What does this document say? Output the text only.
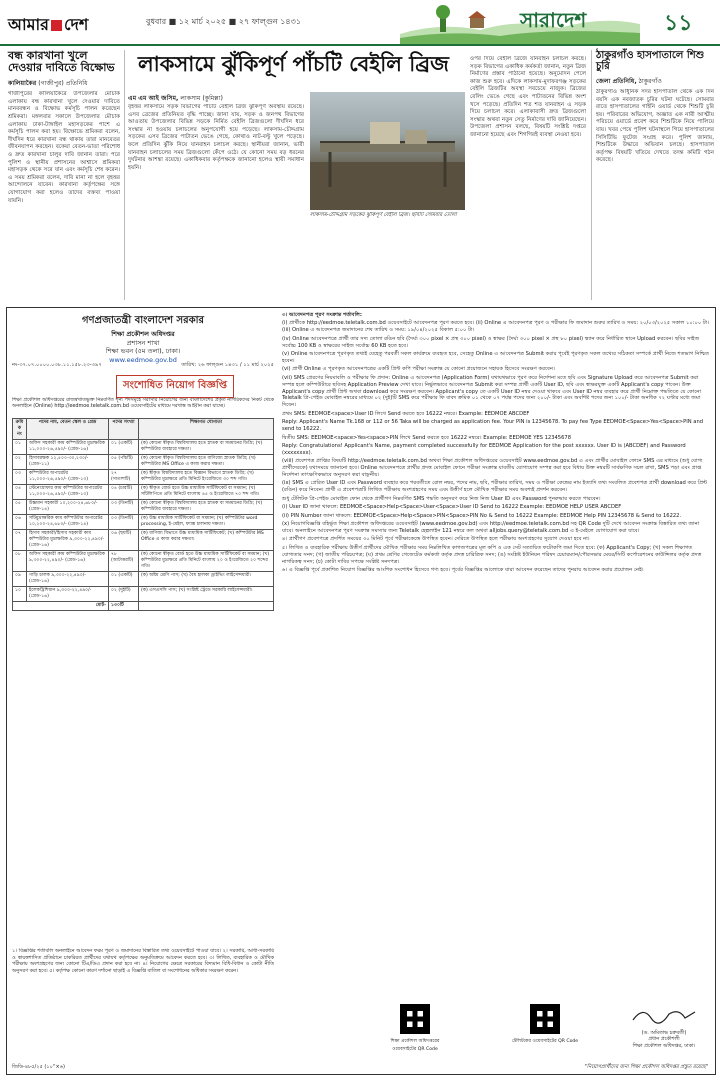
আমার দেশ	বুধবার ■ ১২ মার্চ ২০২৫ ■ ২৭ ফাল্গুন ১৪৩১	সারাদেশ	১১
বন্ধ কারখানা খুলে দেওয়ার দাবিতে বিক্ষোভ
কালিয়াকৈর (গাজীপুর) প্রতিনিধি
গাজীপুরের কালিয়াকৈরে উপজেলার মৌচাক এলাকায় বন্ধ কারখানা খুলে দেওয়ার দাবিতে মানববন্ধন ও বিক্ষোভ কর্মসূচি পালন করেছেন শ্রমিকরা। মঙ্গলবার সকালে উপজেলার মৌচাক এলাকায় ঢাকা-টাঙ্গাইল মহাসড়কের পাশে এ কর্মসূচি পালন করা হয়। বিক্ষোভে শ্রমিকরা বলেন, দীর্ঘদিন ধরে কারখানা বন্ধ থাকায় তারা মানবেতর জীবনযাপন করছেন। বকেয়া বেতন-ভাতা পরিশোধ ও দ্রুত কারখানা চালুর দাবি জানান তারা। পরে পুলিশ ও স্থানীয় প্রশাসনের আশ্বাসে শ্রমিকরা মহাসড়ক থেকে সরে যান এবং কর্মসূচি শেষ করেন। এ সময় শ্রমিকরা বলেন, দাবি মানা না হলে বৃহত্তর আন্দোলনে যাবেন। কারখানা কর্তৃপক্ষের সঙ্গে যোগাযোগ করা হলেও তাদের বক্তব্য পাওয়া যায়নি।
লাকসামে ঝুঁকিপূর্ণ পাঁচটি বেইলি ব্রিজ
এম এম আই জসিম, লাকসাম (কুমিল্লা)
বৃহত্তর লাকসামে সড়ক বিভাগের পাঁচটি বেইলি ব্রিজ ঝুঁকিপূর্ণ অবস্থায় রয়েছে। এসব ব্রেজের প্রতিনিয়ত বৃদ্ধি পাচ্ছে। জানা যায়, সড়ক ও জনপথ বিভাগের আওতায় উপজেলার বিভিন্ন সড়কে নির্মিত বেইলি ব্রিজগুলো দীর্ঘদিন ধরে সংস্কার না হওয়ায় চলাচলের অনুপযোগী হয়ে পড়েছে। লাকসাম-চৌদ্দগ্রাম সড়কের এসব ব্রিজের পাটাতন ভেঙে গেছে, কোথাও নাট-বল্টু খুলে পড়েছে। ফলে প্রতিদিন ঝুঁকি নিয়ে যানবাহন চলাচল করছে। স্থানীয়রা জানান, ভারী যানবাহন চলাচলের সময় ব্রিজগুলো কেঁপে ওঠে। যে কোনো সময় বড় ধরনের দুর্ঘটনার আশঙ্কা রয়েছে। একাধিকবার কর্তৃপক্ষকে জানানো হলেও স্থায়ী সমাধান হয়নি।
লাকসাম-চৌদ্দগ্রাম সড়কের ঝুঁকিপূর্ণ বেইলি ব্রিজ। ছবিটি সোমবার তোলা
ওপর দিয়ে বেইলি ব্রিজে যানবাহন চলাচল করছে। সড়ক বিভাগের একাধিক কর্মকর্তা জানান, নতুন ব্রিজ নির্মাণের প্রস্তাব পাঠানো হয়েছে। অনুমোদন পেলে কাজ শুরু হবে। এদিকে লাকসাম-মুদাফরগঞ্জ সড়কের বেইলি ব্রিজটির অবস্থা সবচেয়ে নাজুক। ব্রিজের রেলিং ভেঙে গেছে এবং পাটাতনের বিভিন্ন অংশ খসে পড়েছে। প্রতিদিন শত শত যানবাহন এ সড়ক দিয়ে চলাচল করে। এলাকাবাসী দ্রুত ব্রিজগুলো সংস্কার অথবা নতুন সেতু নির্মাণের দাবি জানিয়েছেন। উপজেলা প্রশাসন বলছে, বিষয়টি সংশ্লিষ্ট দপ্তরে জানানো হয়েছে এবং শিগগিরই ব্যবস্থা নেওয়া হবে।
ঠাকুরগাঁও হাসপাতালে শিশু চুরি
জেলা প্রতিনিধি, ঠাকুরগাঁও
ঠাকুরগাঁও আধুনিক সদর হাসপাতাল থেকে এক দিন বয়সি এক নবজাতক চুরির ঘটনা ঘটেছে। সোমবার রাতে হাসপাতালের গাইনি ওয়ার্ড থেকে শিশুটি চুরি হয়। পরিবারের অভিযোগ, অজ্ঞাত এক নারী আত্মীয় পরিচয়ে ওয়ার্ডে প্রবেশ করে শিশুটিকে নিয়ে পালিয়ে যায়। খবর পেয়ে পুলিশ ঘটনাস্থলে গিয়ে হাসপাতালের সিসিটিভি ফুটেজ সংগ্রহ করে। পুলিশ জানায়, শিশুটিকে উদ্ধারে অভিযান চলছে। হাসপাতাল কর্তৃপক্ষ বিষয়টি খতিয়ে দেখতে তদন্ত কমিটি গঠন করেছে।
গণপ্রজাতন্ত্রী বাংলাদেশ সরকার
শিক্ষা প্রকৌশল অধিদপ্তর
প্রশাসন শাখা
শিক্ষা ভবন (৫ম তলা), ঢাকা।
www.eedmoe.gov.bd
নং-৩৭.০৭.০০০০.০৩৮.১১.১৫৮.২৩-৩৯৭	তারিখ: ২৬ ফাল্গুন ১৪৩১ / ১১ মার্চ ২০২৫
সংশোধিত নিয়োগ বিজ্ঞপ্তি
শিক্ষা প্রকৌশল অধিদপ্তরের রাজস্বখাতভুক্ত নিম্নবর্ণিত শূন্য পদসমূহে সরাসরি নিয়োগের জন্য বাংলাদেশের প্রকৃত নাগরিকদের নিকট থেকে অনলাইনে (Online) http://eedmoe.teletalk.com.bd ওয়েবসাইটের মাধ্যমে দরখাস্ত আহ্বান করা যাচ্ছে।
ক্রমিক নং	পদের নাম, বেতন স্কেল ও গ্রেড	পদের সংখ্যা	শিক্ষাগত যোগ্যতা
০১	অফিস সহকারী কাম কম্পিউটার মুদ্রাক্ষরিক ১১,০০০-২৬,৫৯০/- (গ্রেড-১৬)	০১ (একটি)	(ক) কোনো স্বীকৃত বিশ্ববিদ্যালয় হতে স্নাতক বা সমমানের ডিগ্রি; (খ) কম্পিউটার ব্যবহারে দক্ষতা।
০২	হিসাবরক্ষক ১২,৫০০-৩০,২৩০/- (গ্রেড-১১)	০৫ (পাঁচটি)	(ক) কোনো স্বীকৃত বিশ্ববিদ্যালয় হতে বাণিজ্যে স্নাতক ডিগ্রি; (খ) কম্পিউটার MS Office এ কাজ করার দক্ষতা।
০৩	কম্পিউটার অপারেটর ১১,০০০-২৬,৫৯০/- (গ্রেড-১৩)	২৭ (সাতাশটি)	(ক) স্বীকৃত বিশ্ববিদ্যালয় হতে বিজ্ঞান বিভাগে স্নাতক ডিগ্রি; (খ) কম্পিউটার মুদ্রাক্ষরে প্রতি মিনিটে ইংরেজিতে ৩০ শব্দ গতি।
০৪	স্টেনোগ্রাফার কাম কম্পিউটার অপারেটর ১১,০০০-২৬,৫৯০/- (গ্রেড-১৩)	০৪ (চারটি)	(ক) স্বীকৃত বোর্ড হতে উচ্চ মাধ্যমিক সার্টিফিকেট বা সমমান; (খ) সাঁটলিপিতে প্রতি মিনিটে বাংলায় ৪৫ ও ইংরেজিতে ৭০ শব্দ গতি।
০৫	উচ্চমান সহকারী ১০,২০০-২৪,৬৮০/- (গ্রেড-১৪)	০৩ (তিনটি)	(ক) কোনো স্বীকৃত বিশ্ববিদ্যালয় হতে স্নাতক বা সমমানের ডিগ্রি; (খ) কম্পিউটার ব্যবহারে দক্ষতা।
০৬	সাঁটমুদ্রাক্ষরিক কাম কম্পিউটার অপারেটর ১০,২০০-২৪,৬৮০/- (গ্রেড-১৪)	০৩ (তিনটি)	(ক) উচ্চ মাধ্যমিক সার্টিফিকেট বা সমমান; (খ) কম্পিউটার word processing, ই-মেইল, ফ্যাক্স চালনায় দক্ষতা।
০৭	হিসাব সহকারী/হিসাব সহকারী কাম কম্পিউটার মুদ্রাক্ষরিক ৯,৩০০-২২,৪৯০/- (গ্রেড-১৬)	০৬ (ছয়টি)	(ক) বাণিজ্য বিভাগে উচ্চ মাধ্যমিক সার্টিফিকেট; (খ) কম্পিউটার MS Office এ কাজ করার দক্ষতা।
০৮	অফিস সহকারী কাম কম্পিউটার মুদ্রাক্ষরিক ৯,৩০০-২২,৪৯০/- (গ্রেড-১৬)	৭৮ (আটাত্তরটি)	(ক) কোনো স্বীকৃত বোর্ড হতে উচ্চ মাধ্যমিক সার্টিফিকেট বা সমমান; (খ) কম্পিউটার মুদ্রাক্ষরে প্রতি মিনিটে বাংলায় ২০ ও ইংরেজিতে ২০ শব্দের গতি।
০৯	গাড়ি চালক ৯,৩০০-২২,৪৯০/- (গ্রেড-১৬)	০১ (একটি)	(ক) অষ্টম শ্রেণি পাস; (খ) বৈধ হালকা ড্রাইভিং লাইসেন্সধারী।
১০	ইলেকট্রিশিয়ান ৯,৩০০-২২,৪৯০/- (গ্রেড-১৬)	০২ (দুইটি)	(ক) এসএসসি পাস; (খ) সংশ্লিষ্ট ট্রেডে সরকারি লাইসেন্সধারী।
মোট-		১৩০টি	
১। বিজ্ঞপ্তির শর্তাবলি অনলাইনে আবেদন ফরম পূরণ ও জমাদানের বিস্তারিত তথ্য ওয়েবসাইটে পাওয়া যাবে। ২। সরকারি, আধা-সরকারি ও স্বায়ত্তশাসিত প্রতিষ্ঠানে চাকরিরত প্রার্থীদের যথাযথ কর্তৃপক্ষের অনুমতিক্রমে আবেদন করতে হবে। ৩। লিখিত, ব্যবহারিক ও মৌখিক পরীক্ষায় অংশগ্রহণের জন্য কোনো টিএ/ডিএ প্রদান করা হবে না। ৪। নিয়োগের ক্ষেত্রে সরকারের বিদ্যমান বিধি-বিধান ও কোটা নীতি অনুসরণ করা হবে। ৫। কর্তৃপক্ষ কোনো কারণ দর্শানো ছাড়াই এ বিজ্ঞপ্তি বাতিল বা সংশোধনের অধিকার সংরক্ষণ করেন।
৩। আবেদনপত্র পূরণ সংক্রান্ত শর্তাবলি:
(i) প্রার্থীকে http://eedmoe.teletalk.com.bd ওয়েবসাইটে আবেদনপত্র পূরণ করতে হবে। (ii) Online এ আবেদনপত্র পূরণ ও পরীক্ষার ফি জমাদান শুরুর তারিখ ও সময়: ২০/০৩/২০২৫ সকাল ১০:০০ টা। (iii) Online এ আবেদনপত্র জমাদানের শেষ তারিখ ও সময়: ১৯/০৪/২০২৫ বিকাল ৫:০০ টা।
(iv) Online আবেদনপত্রে প্রার্থী তার সদ্য তোলা রঙিন ছবি (দৈর্ঘ্য ৩০০ pixel × প্রস্থ ৩০০ pixel) ও স্বাক্ষর (দৈর্ঘ্য ৩০০ pixel × প্রস্থ ৮০ pixel) স্ক্যান করে নির্ধারিত স্থানে Upload করবেন। ছবির সাইজ সর্বোচ্চ 100 KB ও স্বাক্ষরের সাইজ সর্বোচ্চ 60 KB হতে হবে।
(v) Online আবেদনপত্রে পূরণকৃত তথ্যই যেহেতু পরবর্তী সকল কার্যক্রমে ব্যবহৃত হবে, সেহেতু Online এ আবেদনপত্র Submit করার পূর্বেই পূরণকৃত সকল তথ্যের সঠিকতা সম্পর্কে প্রার্থী নিজে শতভাগ নিশ্চিত হবেন।
(vi) প্রার্থী Online এ পূরণকৃত আবেদনপত্রের একটি প্রিন্ট কপি পরীক্ষা সংক্রান্ত যে কোনো প্রয়োজনে সহায়ক হিসেবে সংরক্ষণ করবেন।
(vii) SMS প্রেরণের নিয়মাবলি ও পরীক্ষার ফি প্রদান: Online এ আবেদনপত্র (Application Form) যথাযথভাবে পূরণ করে নির্দেশনা মতে ছবি এবং Signature Upload করে আবেদনপত্র Submit করা সম্পন্ন হলে কম্পিউটারে ছবিসহ Application Preview দেখা যাবে। নির্ভুলভাবে আবেদনপত্র Submit করা সম্পন্ন প্রার্থী একটি User ID, ছবি এবং স্বাক্ষরযুক্ত একটি Applicant's copy পাবেন। উক্ত Applicant's copy প্রার্থী প্রিন্ট অথবা download করে সংরক্ষণ করবেন। Applicant's copy তে একটি User ID নম্বর দেওয়া থাকবে এবং User ID নম্বর ব্যবহার করে প্রার্থী নিম্নোক্ত পদ্ধতিতে যে কোনো Teletalk প্রি-পেইড মোবাইল নম্বরের মাধ্যমে ০২ (দুই)টি SMS করে পরীক্ষার ফি বাবদ ক্রমিক ০১ থেকে ০৭ পর্যন্ত পদের জন্য ২০০/- টাকা এবং অবশিষ্ট পদের জন্য ১০০/- টাকা অনধিক ৭২ ঘণ্টার মধ্যে জমা দিবেন।
প্রথম SMS: EEDMOE<space>User ID লিখে Send করতে হবে 16222 নম্বরে। Example: EEDMOE ABCDEF
Reply: Applicant's Name Tk.168 or 112 or 56 Taka will be charged as application fee. Your PIN is 12345678. To pay fee Type EEDMOE<Space>Yes<Space>PIN and send to 16222.
দ্বিতীয় SMS: EEDMOE<space>Yes<space>PIN লিখে Send করতে হবে 16222 নম্বরে। Example: EEDMOE YES 12345678
Reply: Congratulations! Applicant's Name, payment completed successfully for EEDMOE Application for the post xxxxxx. User ID is (ABCDEF) and Password (xxxxxxxx).
(viii) প্রবেশপত্র প্রাপ্তির বিষয়টি http://eedmoe.teletalk.com.bd অথবা শিক্ষা প্রকৌশল অধিদপ্তরের ওয়েবসাইট www.eedmoe.gov.bd এ এবং প্রার্থীর মোবাইল ফোনে SMS এর মাধ্যমে (শুধু যোগ্য প্রার্থীদেরকে) যথাসময়ে জানানো হবে। Online আবেদনপত্রে প্রার্থীর প্রদত্ত মোবাইল ফোনে পরীক্ষা সংক্রান্ত যাবতীয় যোগাযোগ সম্পন্ন করা হবে বিধায় উক্ত নম্বরটি সার্বক্ষণিক সচল রাখা, SMS পড়া এবং প্রাপ্ত নির্দেশনা তাৎক্ষণিকভাবে অনুসরণ করা বাঞ্ছনীয়।
(ix) SMS এ প্রেরিত User ID এবং Password ব্যবহার করে পরবর্তীতে রোল নম্বর, পদের নাম, ছবি, পরীক্ষার তারিখ, সময় ও পরীক্ষা কেন্দ্রের নাম ইত্যাদি তথ্য সংবলিত প্রবেশপত্র প্রার্থী download করে প্রিন্ট (রঙিন) করে নিবেন। প্রার্থী এ প্রবেশপত্রটি লিখিত পরীক্ষায় অংশগ্রহণের সময় এবং উত্তীর্ণ হলে মৌখিক পরীক্ষার সময় অবশ্যই প্রদর্শন করবেন।
শুধু টেলিটক প্রি-পেইড মোবাইল ফোন থেকে প্রার্থীগণ নিম্নবর্ণিত SMS পদ্ধতি অনুসরণ করে নিজ নিজ User ID এবং Password পুনরুদ্ধার করতে পারবেন।
(i) User ID জানা থাকলে: EEDMOE<Space>Help<Space>User<Space>User ID Send to 16222 Example: EEDMOE HELP USER ABCDEF
(ii) PIN Number জানা থাকলে: EEDMOE<Space>Help<Space>PIN<Space>PIN No & Send to 16222 Example: EEDMOE Help PIN 12345678 & Send to 16222.
(x) নিয়োগবিজ্ঞপ্তি বহির্ভূত শিক্ষা প্রকৌশল অধিদপ্তরের ওয়েবসাইট (www.eedmoe.gov.bd) এবং http://eedmoe.teletalk.com.bd সহ QR Code দুটি দেখে আবেদন সংক্রান্ত বিস্তারিত তথ্য জানা যাবে। অনলাইনে আবেদনপত্র পূরণ সংক্রান্ত সমস্যার জন্য Teletalk হেল্পলাইন 121 নম্বরে কল অথবা alljobs.query@teletalk.com.bd এ ই-মেইলে যোগাযোগ করা যাবে।
৪। প্রার্থীগণ প্রবেশপত্রে প্রদর্শিত সময়ের ৩০ মিনিট পূর্বে পরীক্ষাকেন্দ্রে উপস্থিত হবেন। দেরিতে উপস্থিত হলে পরীক্ষায় অংশগ্রহণের সুযোগ দেওয়া হবে না।
৫। লিখিত ও ব্যবহারিক পরীক্ষায় উত্তীর্ণ প্রার্থীদের মৌখিক পরীক্ষার সময় নিম্নলিখিত কাগজপত্রের মূল কপি ও এক সেট সত্যায়িত ফটোকপি জমা দিতে হবে: (ক) Applicant's Copy; (খ) সকল শিক্ষাগত যোগ্যতার সনদ; (গ) জাতীয় পরিচয়পত্র; (ঘ) প্রথম শ্রেণির গেজেটেড কর্মকর্তা কর্তৃক প্রদত্ত চারিত্রিক সনদ; (ঙ) সংশ্লিষ্ট ইউনিয়ন পরিষদ চেয়ারম্যান/পৌরসভার মেয়র/সিটি কর্পোরেশনের কাউন্সিলর কর্তৃক প্রদত্ত নাগরিকত্ব সনদ; (চ) কোটা দাবির সপক্ষে সংশ্লিষ্ট সনদপত্র।
৬। এ বিজ্ঞপ্তি পূর্বে প্রকাশিত নিয়োগ বিজ্ঞপ্তির আংশিক সংশোধন হিসেবে গণ্য হবে। পূর্বের বিজ্ঞপ্তির আলোকে যারা আবেদন করেছেন তাদের পুনরায় আবেদন করার প্রয়োজন নেই।
শিক্ষা প্রকৌশল অধিদপ্তরের ওয়েবসাইটের QR Code
টেলিটকের ওয়েবসাইটের QR Code
(ড. অমিতাভ চক্রবর্তী)
প্রধান প্রকৌশলী
শিক্ষা প্রকৌশল অধিদপ্তর, ঢাকা।
জিডি-৪৮৫/২৫ (১০''×৬)	"নিয়োগপ্রার্থীদের জন্য শিক্ষা প্রকৌশল অধিদপ্তর প্রস্তুত রয়েছে"
